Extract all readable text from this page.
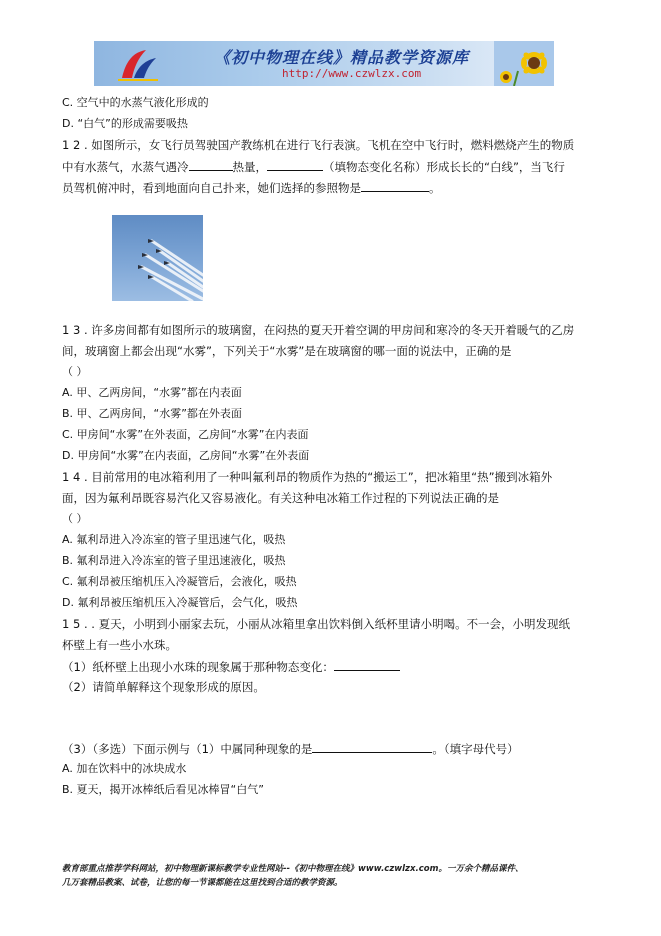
《初中物理在线》精品教学资源库
http://www.czwlzx.com
C. 空气中的水蒸气液化形成的
D. “白气”的形成需要吸热
1 2 . 如图所示，女飞行员驾驶国产教练机在进行飞行表演。飞机在空中飞行时，燃料燃烧产生的物质
中有水蒸气，水蒸气遇冷	热量，	（填物态变化名称）形成长长的“白线”，当飞行
员驾机俯冲时，看到地面向自己扑来，她们选择的参照物是	。
1 3 . 许多房间都有如图所示的玻璃窗，在闷热的夏天开着空调的甲房间和寒冷的冬天开着暖气的乙房
间，玻璃窗上都会出现“水雾”，下列关于“水雾”是在玻璃窗的哪一面的说法中，正确的是
（ ）
A. 甲、乙两房间，“水雾”都在内表面
B. 甲、乙两房间，“水雾”都在外表面
C. 甲房间“水雾”在外表面，乙房间“水雾”在内表面
D. 甲房间“水雾”在内表面，乙房间“水雾”在外表面
1 4 . 目前常用的电冰箱利用了一种叫氟利昂的物质作为热的“搬运工”，把冰箱里“热”搬到冰箱外
面，因为氟利昂既容易汽化又容易液化。有关这种电冰箱工作过程的下列说法正确的是
（ ）
A. 氟利昂进入冷冻室的管子里迅速气化，吸热
B. 氟利昂进入冷冻室的管子里迅速液化，吸热
C. 氟利昂被压缩机压入冷凝管后，会液化，吸热
D. 氟利昂被压缩机压入冷凝管后，会气化，吸热
1 5 . . 夏天，小明到小丽家去玩，小丽从冰箱里拿出饮料倒入纸杯里请小明喝。不一会，小明发现纸
杯壁上有一些小水珠。
（1）纸杯壁上出现小水珠的现象属于那种物态变化：
（2）请简单解释这个现象形成的原因。
（3）（多选）下面示例与（1）中属同种现象的是	。（填字母代号）
A. 加在饮料中的冰块成水
B. 夏天，揭开冰棒纸后看见冰棒冒“白气”
教育部重点推荐学科网站，初中物理新课标教学专业性网站--《初中物理在线》www.czwlzx.com。一万余个精品课件、
几万套精品教案、试卷，让您的每一节课都能在这里找到合适的教学资源。
